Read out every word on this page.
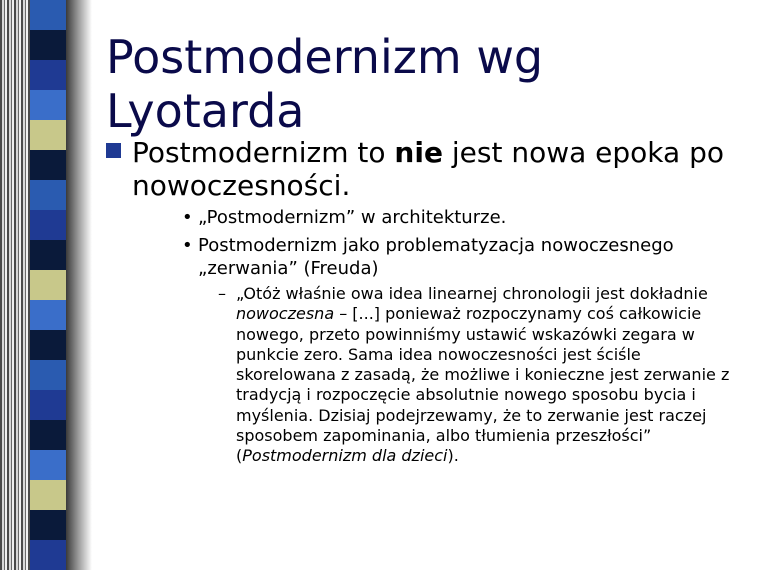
Postmodernizm wg Lyotarda
Postmodernizm to nie jest nowa epoka po nowoczesności.
• „Postmodernizm” w architekturze.
• Postmodernizm jako problematyzacja nowoczesnego „zerwania” (Freuda)
– „Otóż właśnie owa idea linearnej chronologii jest dokładnie nowoczesna – [...] ponieważ rozpoczynamy coś całkowicie nowego, przeto powinniśmy ustawić wskazówki zegara w punkcie zero. Sama idea nowoczesności jest ściśle skorelowana z zasadą, że możliwe i konieczne jest zerwanie z tradycją i rozpoczęcie absolutnie nowego sposobu bycia i myślenia. Dzisiaj podejrzewamy, że to zerwanie jest raczej sposobem zapominania, albo tłumienia przeszłości” (Postmodernizm dla dzieci).
